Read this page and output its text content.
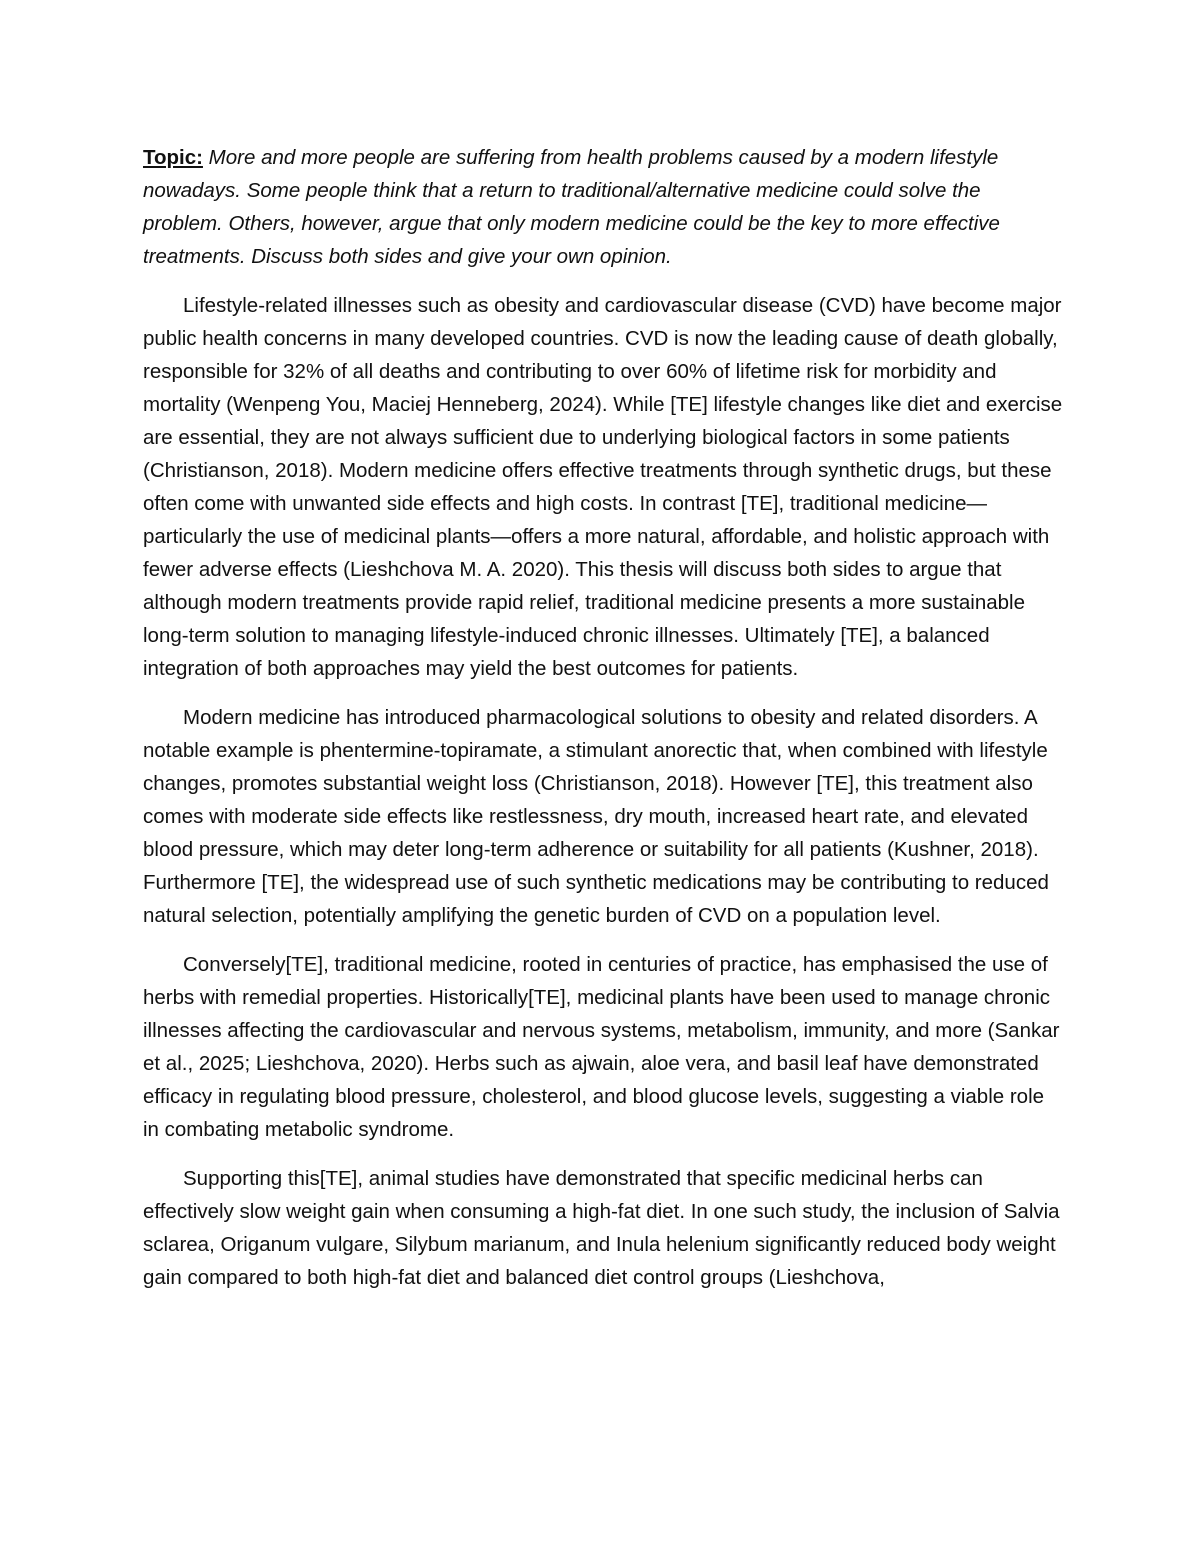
Topic: More and more people are suffering from health problems caused by a modern lifestyle nowadays. Some people think that a return to traditional/alternative medicine could solve the problem. Others, however, argue that only modern medicine could be the key to more effective treatments. Discuss both sides and give your own opinion.

Lifestyle-related illnesses such as obesity and cardiovascular disease (CVD) have become major public health concerns in many developed countries. CVD is now the leading cause of death globally, responsible for 32% of all deaths and contributing to over 60% of lifetime risk for morbidity and mortality (Wenpeng You, Maciej Henneberg, 2024). While [TE] lifestyle changes like diet and exercise are essential, they are not always sufficient due to underlying biological factors in some patients (Christianson, 2018). Modern medicine offers effective treatments through synthetic drugs, but these often come with unwanted side effects and high costs. In contrast [TE], traditional medicine—particularly the use of medicinal plants—offers a more natural, affordable, and holistic approach with fewer adverse effects (Lieshchova M. A. 2020). This thesis will discuss both sides to argue that although modern treatments provide rapid relief, traditional medicine presents a more sustainable long-term solution to managing lifestyle-induced chronic illnesses. Ultimately [TE], a balanced integration of both approaches may yield the best outcomes for patients.

Modern medicine has introduced pharmacological solutions to obesity and related disorders. A notable example is phentermine-topiramate, a stimulant anorectic that, when combined with lifestyle changes, promotes substantial weight loss (Christianson, 2018). However [TE], this treatment also comes with moderate side effects like restlessness, dry mouth, increased heart rate, and elevated blood pressure, which may deter long-term adherence or suitability for all patients (Kushner, 2018). Furthermore [TE], the widespread use of such synthetic medications may be contributing to reduced natural selection, potentially amplifying the genetic burden of CVD on a population level.

Conversely[TE], traditional medicine, rooted in centuries of practice, has emphasised the use of herbs with remedial properties. Historically[TE], medicinal plants have been used to manage chronic illnesses affecting the cardiovascular and nervous systems, metabolism, immunity, and more (Sankar et al., 2025; Lieshchova, 2020). Herbs such as ajwain, aloe vera, and basil leaf have demonstrated efficacy in regulating blood pressure, cholesterol, and blood glucose levels, suggesting a viable role in combating metabolic syndrome.

Supporting this[TE], animal studies have demonstrated that specific medicinal herbs can effectively slow weight gain when consuming a high-fat diet. In one such study, the inclusion of Salvia sclarea, Origanum vulgare, Silybum marianum, and Inula helenium significantly reduced body weight gain compared to both high-fat diet and balanced diet control groups (Lieshchova,
